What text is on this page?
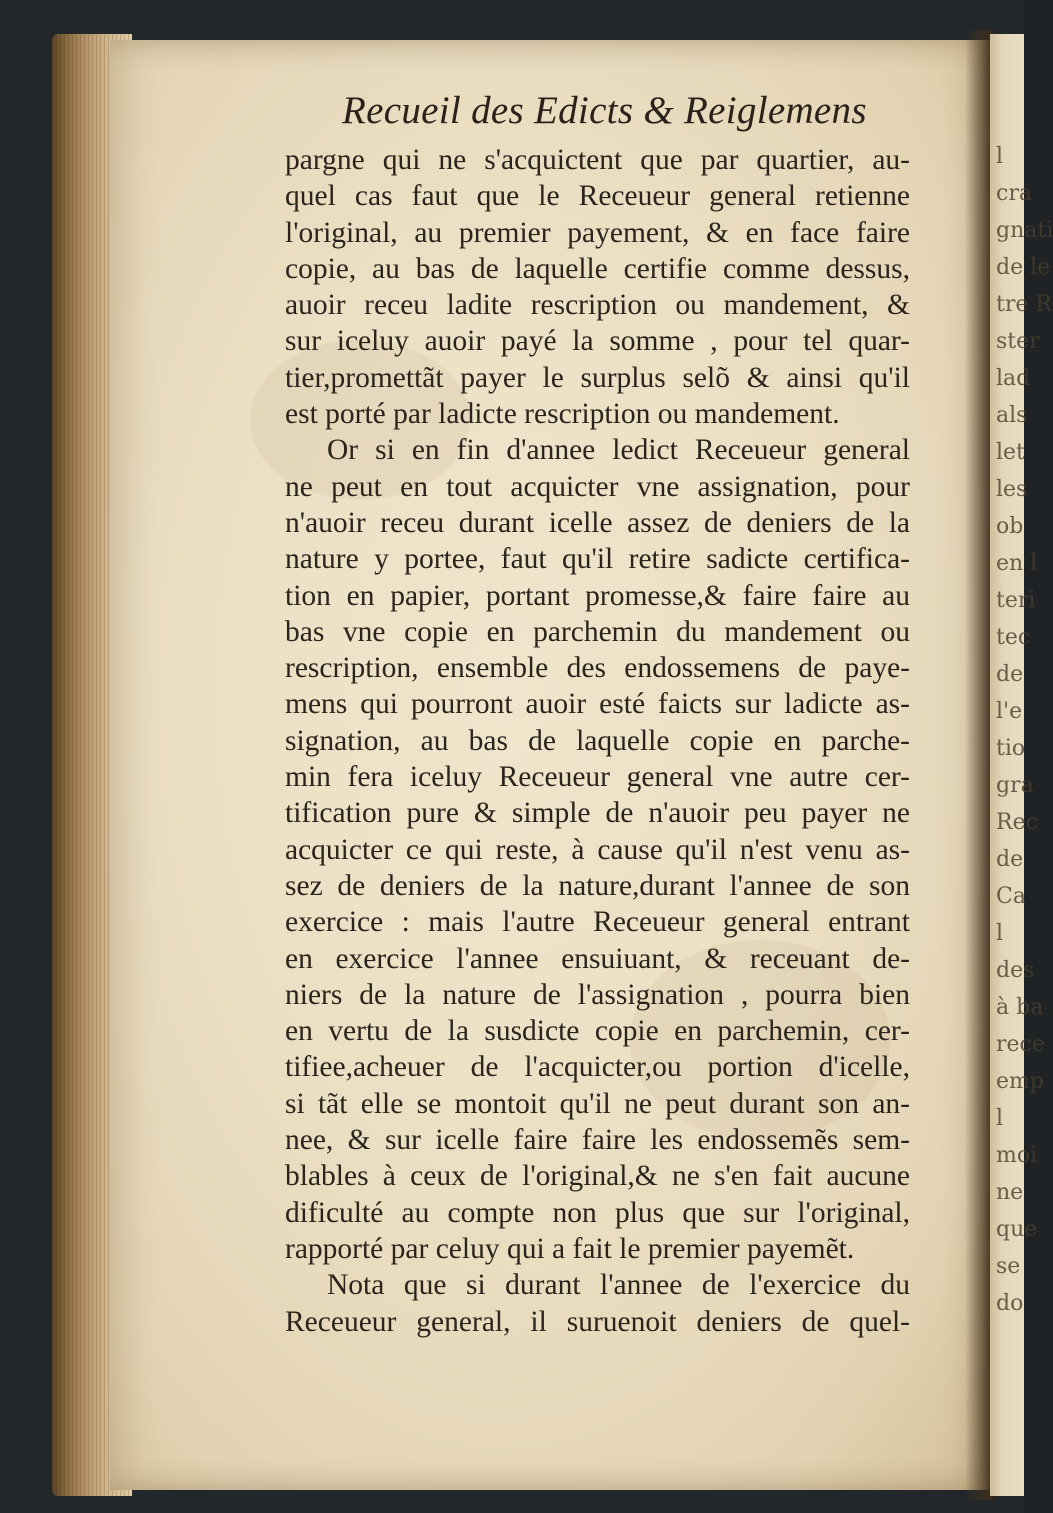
l
cra
gnati
de le
tre R
ster
lad
als
let
les
ob
en l
teri
tec
de
l'e
tio
gra
Rec
de
Ca
l
des
à ba
rece
emp
l
moi
ne
que
se
do
Recueil des Edicts & Reiglemens
pargne qui ne s'acquictent que par quartier, au-
quel cas faut que le Receueur general retienne
l'original, au premier payement, & en face faire
copie, au bas de laquelle certifie comme dessus,
auoir receu ladite rescription ou mandement, &
sur iceluy auoir payé la somme , pour tel quar-
tier,promettãt payer le surplus selõ & ainsi qu'il
est porté par ladicte rescription ou mandement.
Or si en fin d'annee ledict Receueur general
ne peut en tout acquicter vne assignation, pour
n'auoir receu durant icelle assez de deniers de la
nature y portee, faut qu'il retire sadicte certifica-
tion en papier, portant promesse,& faire faire au
bas vne copie en parchemin du mandement ou
rescription, ensemble des endossemens de paye-
mens qui pourront auoir esté faicts sur ladicte as-
signation, au bas de laquelle copie en parche-
min fera iceluy Receueur general vne autre cer-
tification pure & simple de n'auoir peu payer ne
acquicter ce qui reste, à cause qu'il n'est venu as-
sez de deniers de la nature,durant l'annee de son
exercice : mais l'autre Receueur general entrant
en exercice l'annee ensuiuant, & receuant de-
niers de la nature de l'assignation , pourra bien
en vertu de la susdicte copie en parchemin, cer-
tifiee,acheuer de l'acquicter,ou portion d'icelle,
si tãt elle se montoit qu'il ne peut durant son an-
nee, & sur icelle faire faire les endossemẽs sem-
blables à ceux de l'original,& ne s'en fait aucune
dificulté au compte non plus que sur l'original,
rapporté par celuy qui a fait le premier payemẽt.
Nota que si durant l'annee de l'exercice du
Receueur general, il suruenoit deniers de quel-
